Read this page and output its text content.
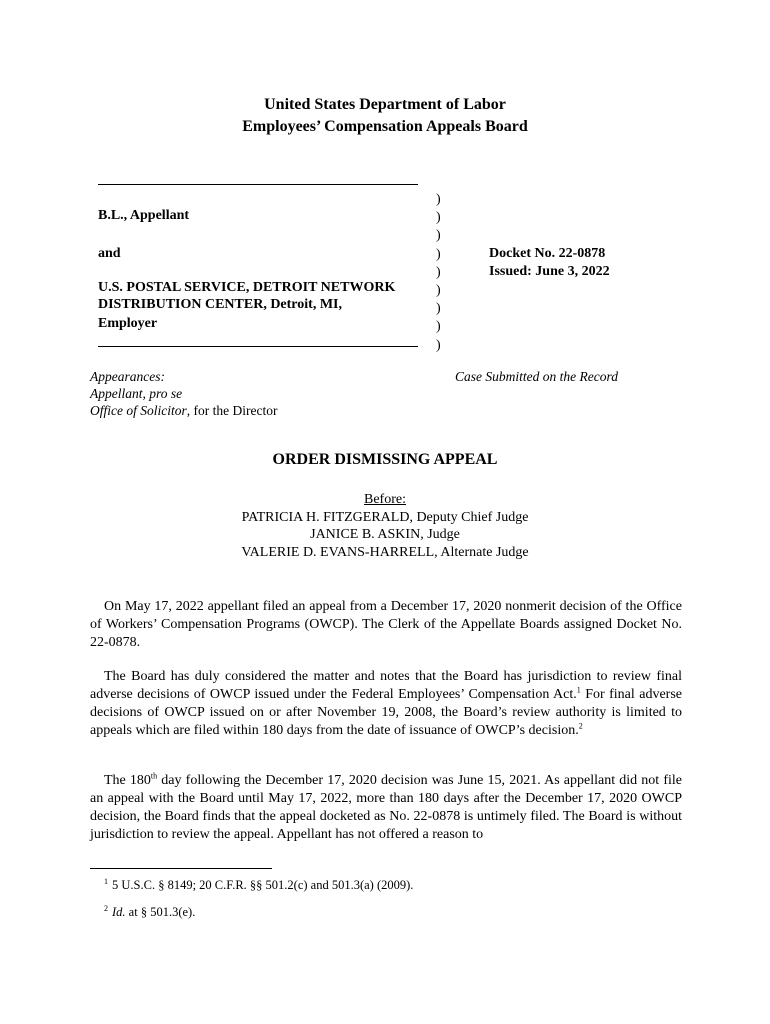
United States Department of Labor
Employees’ Compensation Appeals Board
B.L., Appellant
and
U.S. POSTAL SERVICE, DETROIT NETWORK
DISTRIBUTION CENTER, Detroit, MI,
Employer
)
)
)
)
)
)
)
)
)
Docket No. 22-0878
Issued: June 3, 2022
Appearances:
Appellant, pro se
Office of Solicitor, for the Director
Case Submitted on the Record
ORDER DISMISSING APPEAL
Before:
PATRICIA H. FITZGERALD, Deputy Chief Judge
JANICE B. ASKIN, Judge
VALERIE D. EVANS-HARRELL, Alternate Judge
On May 17, 2022 appellant filed an appeal from a December 17, 2020 nonmerit decision of the Office of Workers’ Compensation Programs (OWCP). The Clerk of the Appellate Boards assigned Docket No. 22-0878.
The Board has duly considered the matter and notes that the Board has jurisdiction to review final adverse decisions of OWCP issued under the Federal Employees’ Compensation Act.$^1$ For final adverse decisions of OWCP issued on or after November 19, 2008, the Board’s review authority is limited to appeals which are filed within 180 days from the date of issuance of OWCP’s decision.$^2$
The 180th day following the December 17, 2020 decision was June 15, 2021. As appellant did not file an appeal with the Board until May 17, 2022, more than 180 days after the December 17, 2020 OWCP decision, the Board finds that the appeal docketed as No. 22-0878 is untimely filed. The Board is without jurisdiction to review the appeal. Appellant has not offered a reason to
$^1$ 5 U.S.C. § 8149; 20 C.F.R. §§ 501.2(c) and 501.3(a) (2009).
$^2$ Id. at § 501.3(e).
